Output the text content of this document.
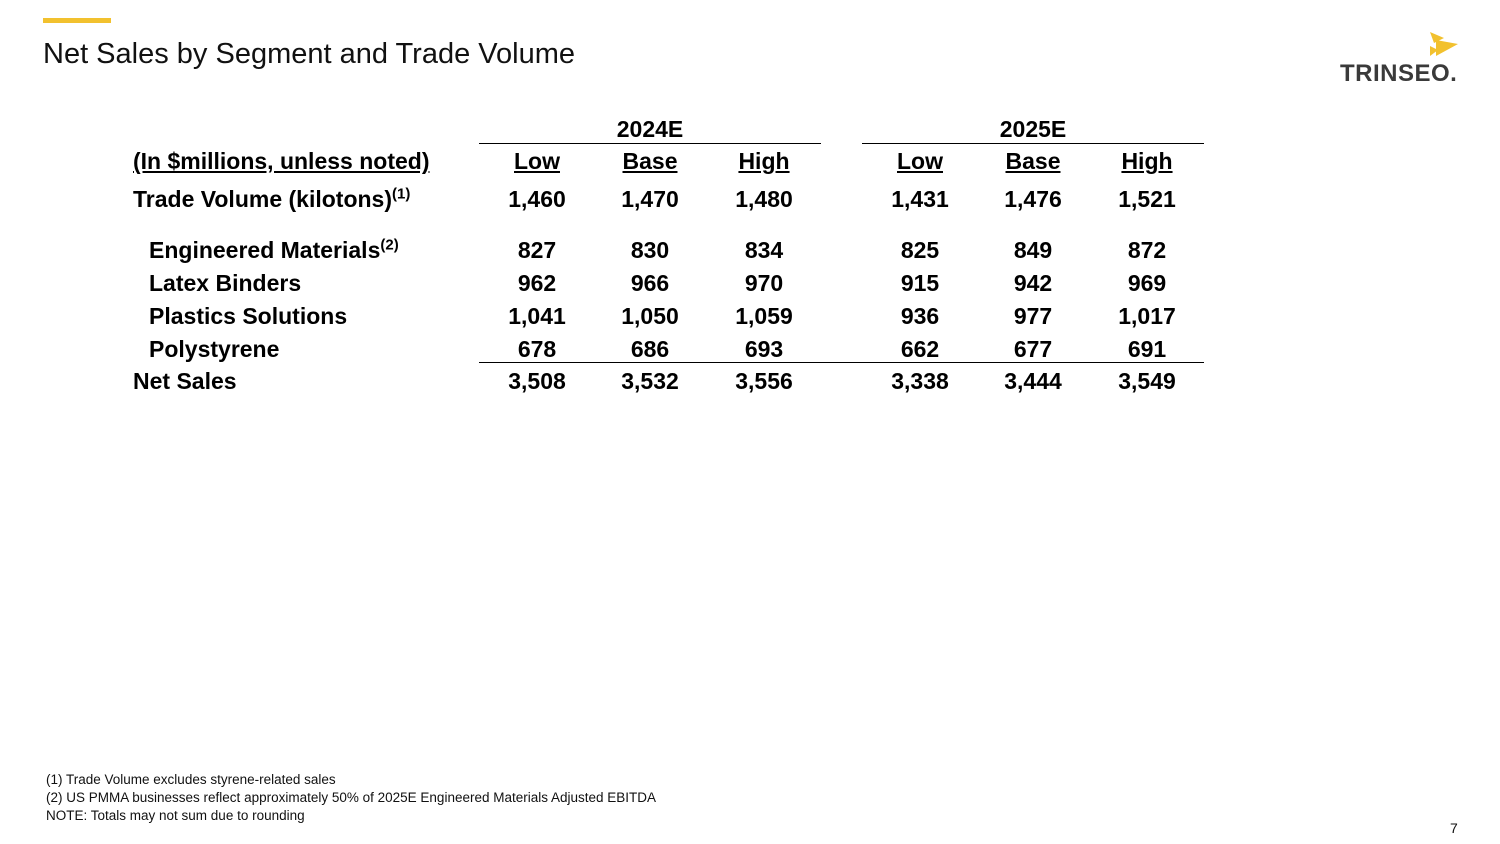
Net Sales by Segment and Trade Volume
TRINSEO.
2024E	2025E
(In $millions, unless noted)	Low	Base	High	Low	Base	High
Trade Volume (kilotons)$^{(1)}$	1,460	1,470	1,480	1,431	1,476	1,521
Engineered Materials$^{(2)}$	827	830	834	825	849	872
Latex Binders	962	966	970	915	942	969
Plastics Solutions	1,041	1,050	1,059	936	977	1,017
Polystyrene	678	686	693	662	677	691
Net Sales	3,508	3,532	3,556	3,338	3,444	3,549
(1) Trade Volume excludes styrene-related sales
(2) US PMMA businesses reflect approximately 50% of 2025E Engineered Materials Adjusted EBITDA
NOTE: Totals may not sum due to rounding
7
